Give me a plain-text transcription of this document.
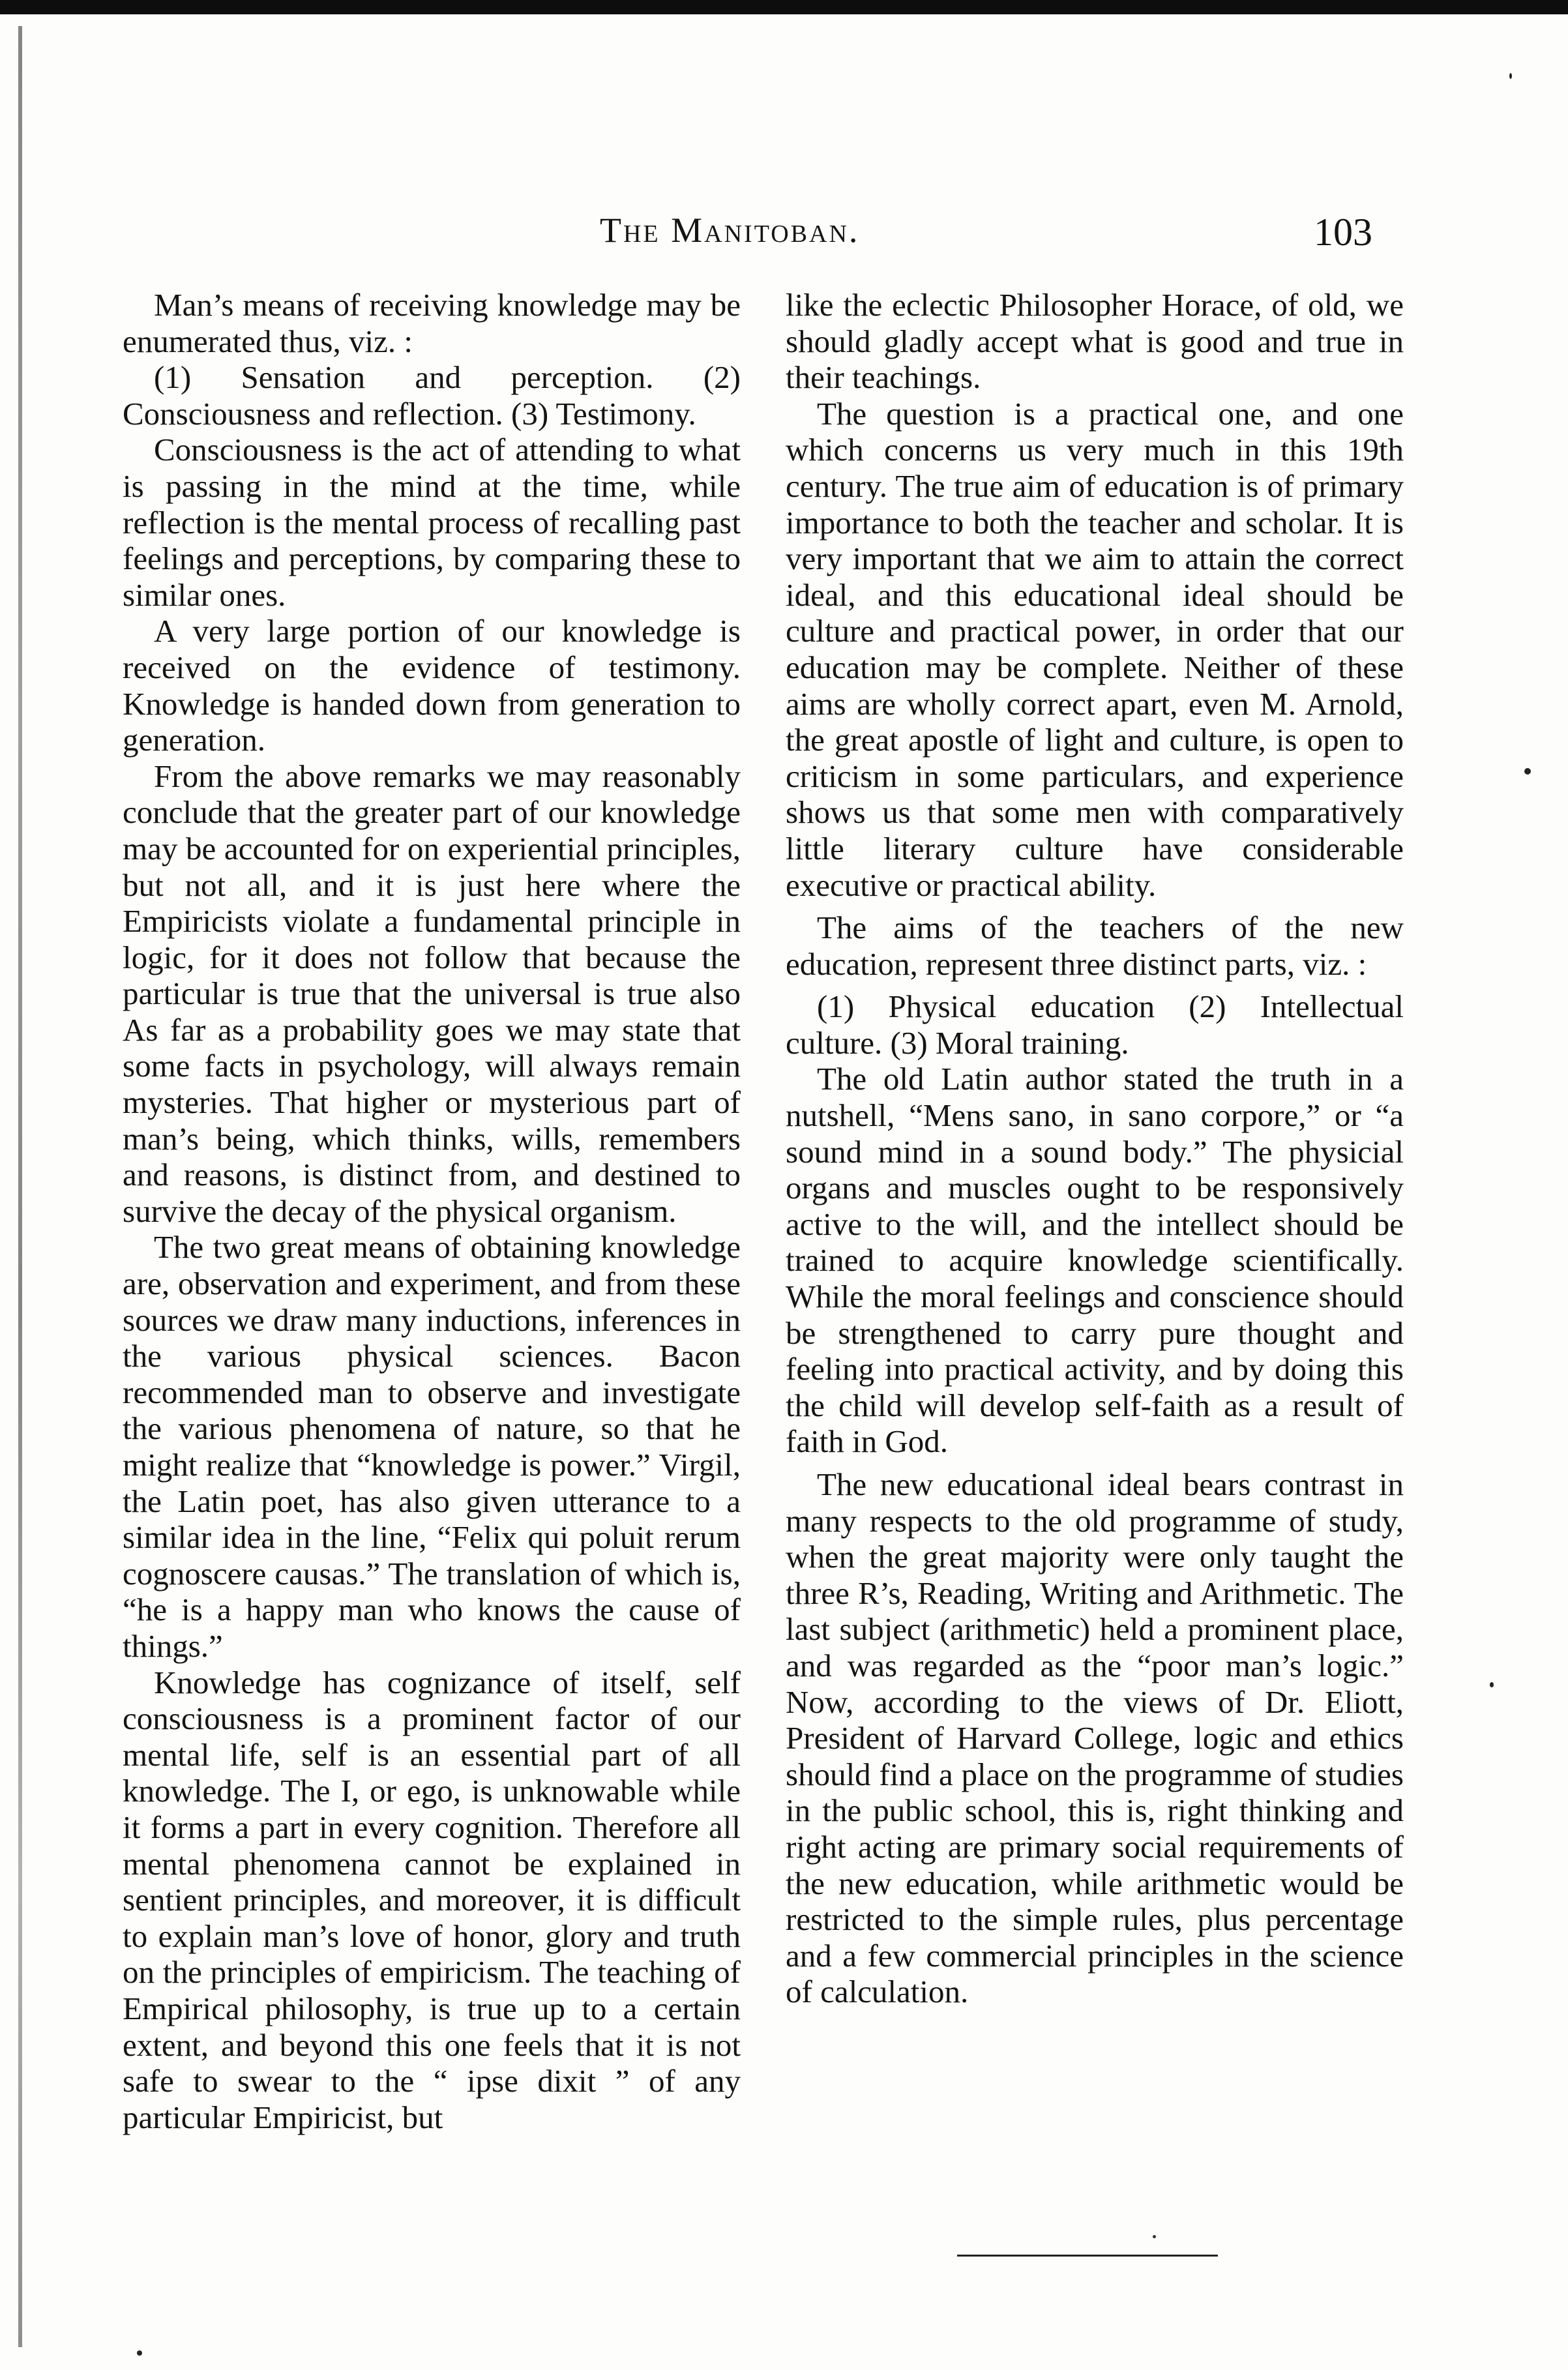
The Manitoban.	103

Man’s means of receiving knowledge may be enumerated thus, viz. :

(1) Sensation and perception. (2) Consciousness and reflection. (3) Testimony.

Consciousness is the act of attending to what is passing in the mind at the time, while reflection is the mental process of recalling past feelings and perceptions, by comparing these to similar ones.

A very large portion of our knowledge is received on the evidence of testimony. Knowledge is handed down from generation to generation.

From the above remarks we may reasonably conclude that the greater part of our knowledge may be accounted for on experiential principles, but not all, and it is just here where the Empiricists violate a fundamental principle in logic, for it does not follow that because the particular is true that the universal is true also As far as a probability goes we may state that some facts in psychology, will always remain mysteries. That higher or mysterious part of man’s being, which thinks, wills, remembers and reasons, is distinct from, and destined to survive the decay of the physical organism.

The two great means of obtaining knowledge are, observation and experiment, and from these sources we draw many inductions, inferences in the various physical sciences. Bacon recommended man to observe and investigate the various phenomena of nature, so that he might realize that “knowledge is power.” Virgil, the Latin poet, has also given utterance to a similar idea in the line, “Felix qui poluit rerum cognoscere causas.” The translation of which is, “he is a happy man who knows the cause of things.”

Knowledge has cognizance of itself, self consciousness is a prominent factor of our mental life, self is an essential part of all knowledge. The I, or ego, is unknowable while it forms a part in every cognition. Therefore all mental phenomena cannot be explained in sentient principles, and moreover, it is difficult to explain man’s love of honor, glory and truth on the principles of empiricism. The teaching of Empirical philosophy, is true up to a certain extent, and beyond this one feels that it is not safe to swear to the “ ipse dixit ” of any particular Empiricist, but

like the eclectic Philosopher Horace, of old, we should gladly accept what is good and true in their teachings.

The question is a practical one, and one which concerns us very much in this 19th century. The true aim of education is of primary importance to both the teacher and scholar. It is very important that we aim to attain the correct ideal, and this educational ideal should be culture and practical power, in order that our education may be complete. Neither of these aims are wholly correct apart, even M. Arnold, the great apostle of light and culture, is open to criticism in some particulars, and experience shows us that some men with comparatively little literary culture have considerable executive or practical ability.

The aims of the teachers of the new education, represent three distinct parts, viz. :

(1) Physical education (2) Intellectual culture. (3) Moral training.

The old Latin author stated the truth in a nutshell, “Mens sano, in sano corpore,” or “a sound mind in a sound body.” The physicial organs and muscles ought to be responsively active to the will, and the intellect should be trained to acquire knowledge scientifically. While the moral feelings and conscience should be strengthened to carry pure thought and feeling into practical activity, and by doing this the child will develop self-faith as a result of faith in God.

The new educational ideal bears contrast in many respects to the old programme of study, when the great majority were only taught the three R’s, Reading, Writing and Arithmetic. The last subject (arithmetic) held a prominent place, and was regarded as the “poor man’s logic.” Now, according to the views of Dr. Eliott, President of Harvard College, logic and ethics should find a place on the programme of studies in the public school, this is, right thinking and right acting are primary social requirements of the new education, while arithmetic would be restricted to the simple rules, plus percentage and a few commercial principles in the science of calculation.
